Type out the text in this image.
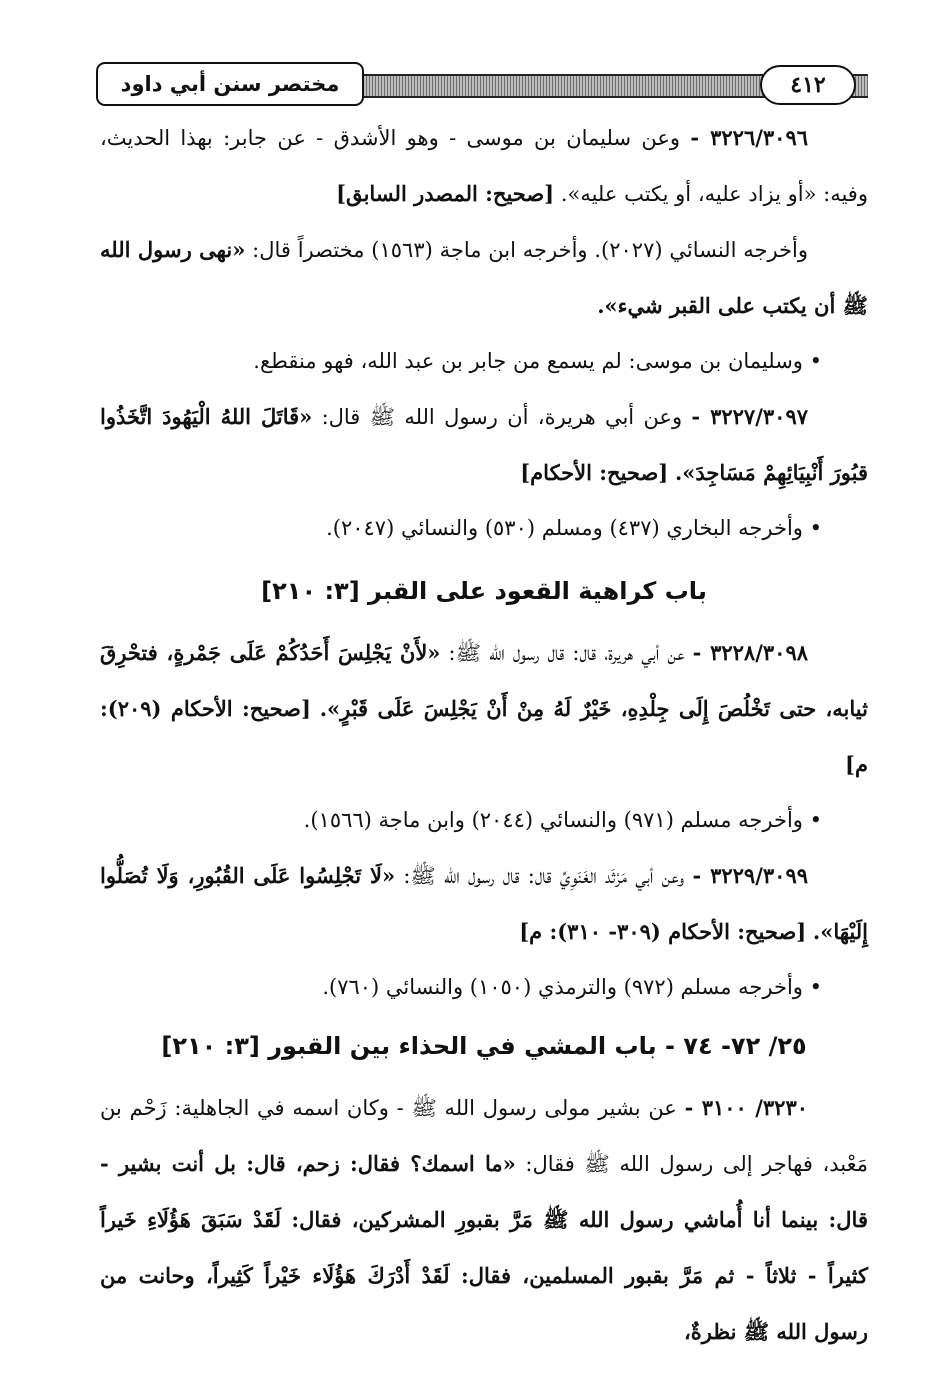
مختصر سنن أبي داود	٤١٢

٣٢٢٦/٣٠٩٦ - وعن سليمان بن موسى - وهو الأشدق - عن جابر: بهذا الحديث، وفيه: «أو يزاد عليه، أو يكتب عليه». [صحيح: المصدر السابق]

وأخرجه النسائي (٢٠٢٧). وأخرجه ابن ماجة (١٥٦٣) مختصراً قال: «نهى رسول الله ﷺ أن يكتب على القبر شيء».

• وسليمان بن موسى: لم يسمع من جابر بن عبد الله، فهو منقطع.

٣٢٢٧/٣٠٩٧ - وعن أبي هريرة، أن رسول الله ﷺ قال: «قَاتَلَ اللهُ الْيَهُودَ اتَّخَذُوا قبُورَ أَنْبِيَائِهِمْ مَسَاجِدَ». [صحيح: الأحكام]

• وأخرجه البخاري (٤٣٧) ومسلم (٥٣٠) والنسائي (٢٠٤٧).

باب كراهية القعود على القبر [٣: ٢١٠]

٣٢٢٨/٣٠٩٨ - عن أبي هريرة، قال: قال رسول الله ﷺ: «لأَنْ يَجْلِسَ أَحَدُكُمْ عَلَى جَمْرةٍ، فتحْرِقَ ثيابه، حتى تَخْلُصَ إِلَى جِلْدِهِ، خَيْرٌ لَهُ مِنْ أَنْ يَجْلِسَ عَلَى قَبْرٍ». [صحيح: الأحكام (٢٠٩): م]

• وأخرجه مسلم (٩٧١) والنسائي (٢٠٤٤) وابن ماجة (١٥٦٦).

٣٢٢٩/٣٠٩٩ - وعن أبي مَرْثَد الغَنَوِيِّ قال: قال رسول الله ﷺ: «لَا تَجْلِسُوا عَلَى القُبُورِ، وَلَا تُصَلُّوا إِلَيْهَا». [صحيح: الأحكام (٣٠٩- ٣١٠): م]

• وأخرجه مسلم (٩٧٢) والترمذي (١٠٥٠) والنسائي (٧٦٠).

٢٥/ ٧٢- ٧٤ - باب المشي في الحذاء بين القبور [٣: ٢١٠]

٣٢٣٠/ ٣١٠٠ - عن بشير مولى رسول الله ﷺ - وكان اسمه في الجاهلية: زَحْم بن مَعْبد، فهاجر إلى رسول الله ﷺ فقال: «ما اسمك؟ فقال: زحم، قال: بل أنت بشير - قال: بينما أنا أُماشي رسول الله ﷺ مَرَّ بقبورِ المشركين، فقال: لَقَدْ سَبَقَ هَؤُلَاءِ خَيراً كثيراً - ثلاثاً - ثم مَرَّ بقبور المسلمين، فقال: لَقَدْ أَدْرَكَ هَؤُلَاء خَيْراً كَثِيراً، وحانت من رسول الله ﷺ نظرةٌ،
